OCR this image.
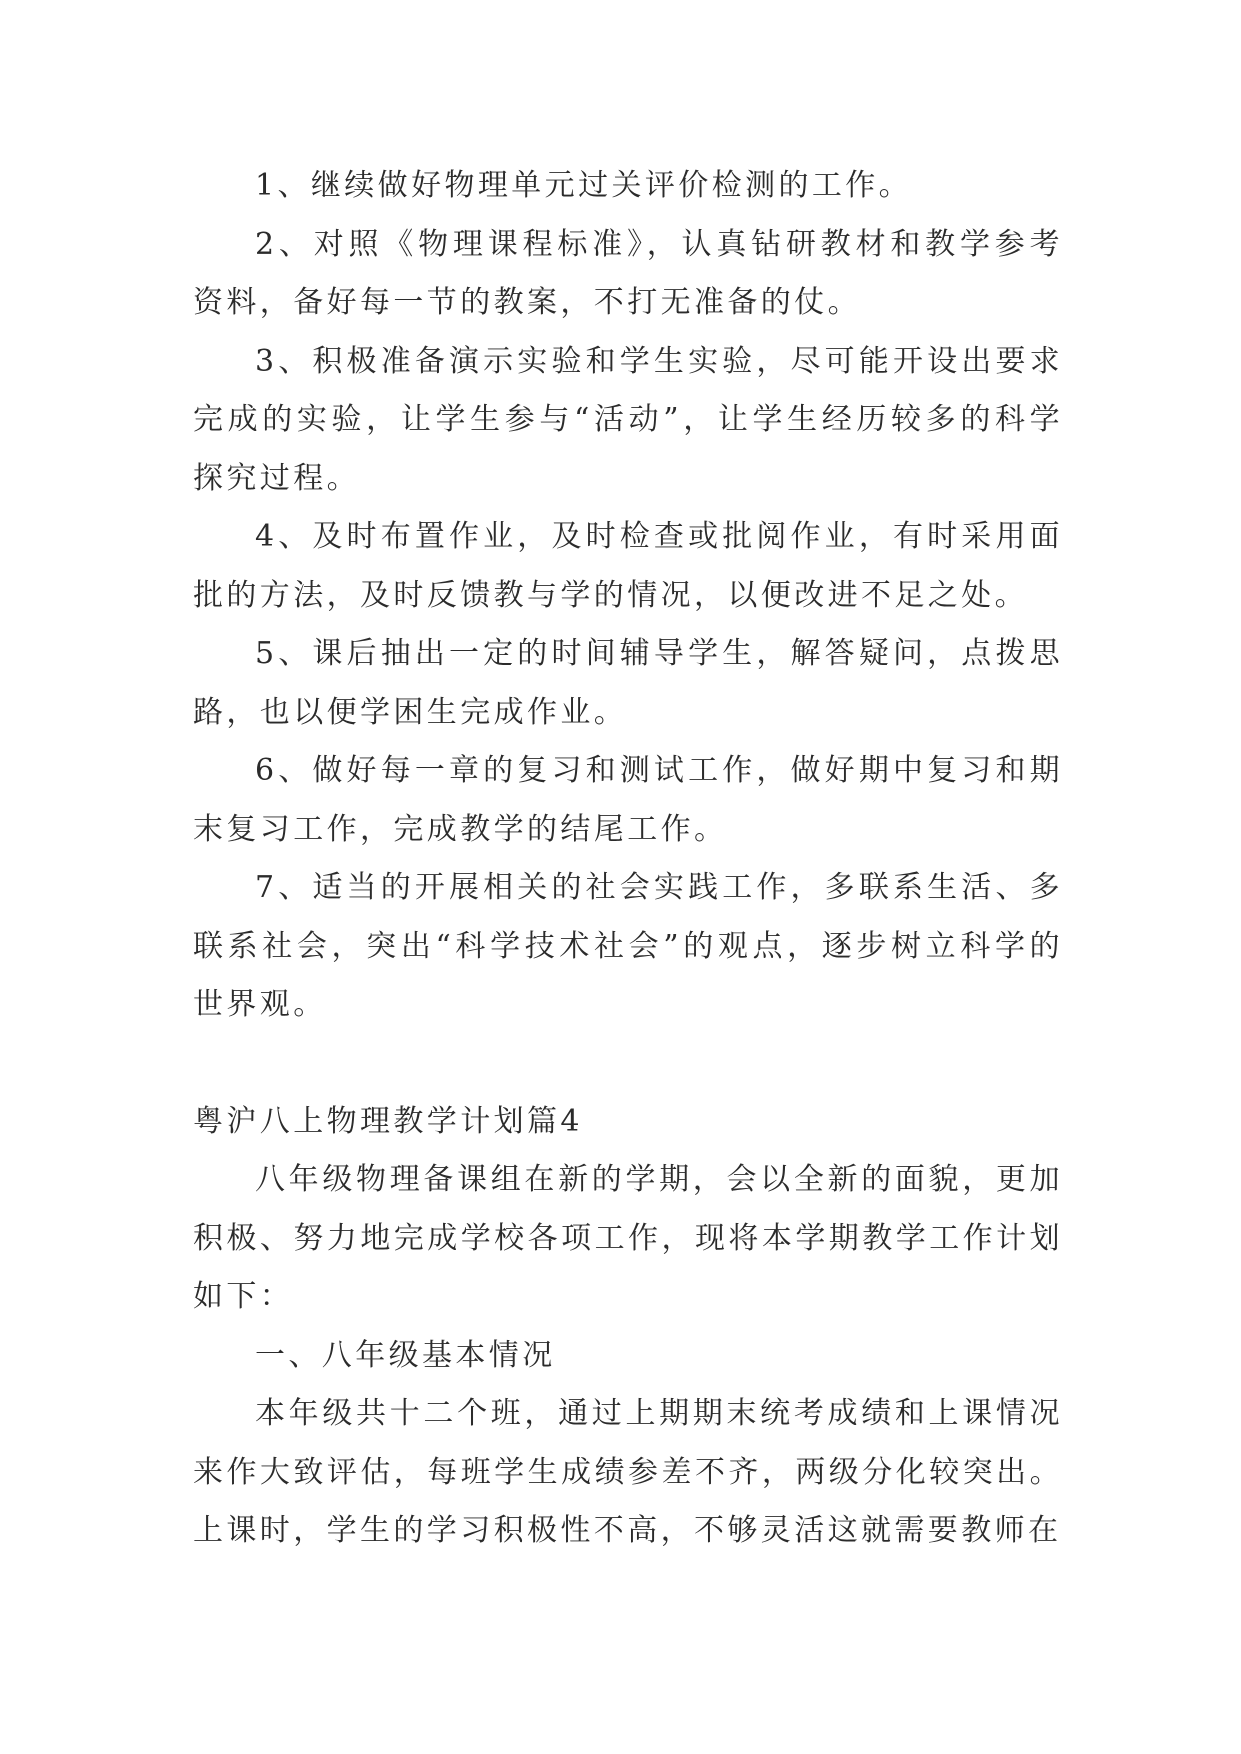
1、继续做好物理单元过关评价检测的工作。

2、对照《物理课程标准》，认真钻研教材和教学参考资料，备好每一节的教案，不打无准备的仗。

3、积极准备演示实验和学生实验，尽可能开设出要求完成的实验，让学生参与“活动”，让学生经历较多的科学探究过程。

4、及时布置作业，及时检查或批阅作业，有时采用面批的方法，及时反馈教与学的情况，以便改进不足之处。

5、课后抽出一定的时间辅导学生，解答疑问，点拨思路，也以便学困生完成作业。

6、做好每一章的复习和测试工作，做好期中复习和期末复习工作，完成教学的结尾工作。

7、适当的开展相关的社会实践工作，多联系生活、多联系社会，突出“科学技术社会”的观点，逐步树立科学的世界观。

粤沪八上物理教学计划篇4

八年级物理备课组在新的学期，会以全新的面貌，更加积极、努力地完成学校各项工作，现将本学期教学工作计划如下：

一、八年级基本情况

本年级共十二个班，通过上期期末统考成绩和上课情况来作大致评估，每班学生成绩参差不齐，两级分化较突出。上课时，学生的学习积极性不高，不够灵活这就需要教师在
